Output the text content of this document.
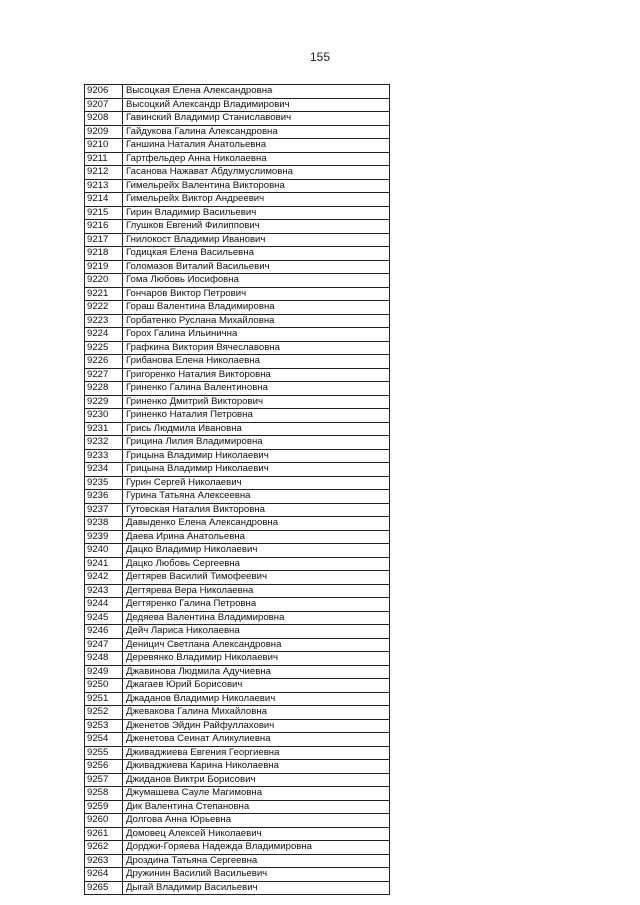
155
9206	Высоцкая Елена Александровна
9207	Высоцкий Александр Владимирович
9208	Гавинский Владимир Станиславович
9209	Гайдукова Галина Александровна
9210	Ганшина Наталия Анатольевна
9211	Гартфельдер Анна Николаевна
9212	Гасанова Нажават Абдулмуслимовна
9213	Гимельрейх Валентина Викторовна
9214	Гимельрейх Виктор Андреевич
9215	Гирин Владимир Васильевич
9216	Глушков Евгений Филиппович
9217	Гнилокост Владимир Иванович
9218	Годицкая Елена Васильевна
9219	Голомазов Виталий Васильевич
9220	Гома Любовь Иосифовна
9221	Гончаров Виктор Петрович
9222	Гораш Валентина Владимировна
9223	Горбатенко Руслана Михайловна
9224	Горох Галина Ильинична
9225	Графкина Виктория Вячеславовна
9226	Грибанова Елена Николаевна
9227	Григоренко Наталия Викторовна
9228	Гриненко Галина Валентиновна
9229	Гриненко Дмитрий Викторович
9230	Гриненко Наталия Петровна
9231	Грись Людмила Ивановна
9232	Грицина Лилия Владимировна
9233	Грицына Владимир Николаевич
9234	Грицына Владимир Николаевич
9235	Гурин Сергей Николаевич
9236	Гурина Татьяна Алексеевна
9237	Гутовская Наталия Викторовна
9238	Давыденко Елена Александровна
9239	Даева Ирина Анатольевна
9240	Дацко Владимир Николаевич
9241	Дацко Любовь Сергеевна
9242	Дегтярев Василий Тимофеевич
9243	Дегтярева Вера Николаевна
9244	Дегтяренко Галина Петровна
9245	Дедяева Валентина Владимировна
9246	Дейч Лариса Николаевна
9247	Деницич Светлана Александровна
9248	Деревянко Владимир Николаевич
9249	Джавинова Людмила Адучиевна
9250	Джагаев Юрий Борисович
9251	Джаданов Владимир Николаевич
9252	Джевакова Галина Михайловна
9253	Дженетов Эйдин Райфуллахович
9254	Дженетова Сеинат Аликулиевна
9255	Дживаджиева Евгения Георгиевна
9256	Дживаджиева Карина Николаевна
9257	Джиданов Виктри Борисович
9258	Джумашева Сауле Магимовна
9259	Дик Валентина Степановна
9260	Долгова Анна Юрьевна
9261	Домовец Алексей Николаевич
9262	Дорджи-Горяева Надежда Владимировна
9263	Дроздина Татьяна Сергеевна
9264	Дружинин Василий Васильевич
9265	Дыгай Владимир Васильевич
